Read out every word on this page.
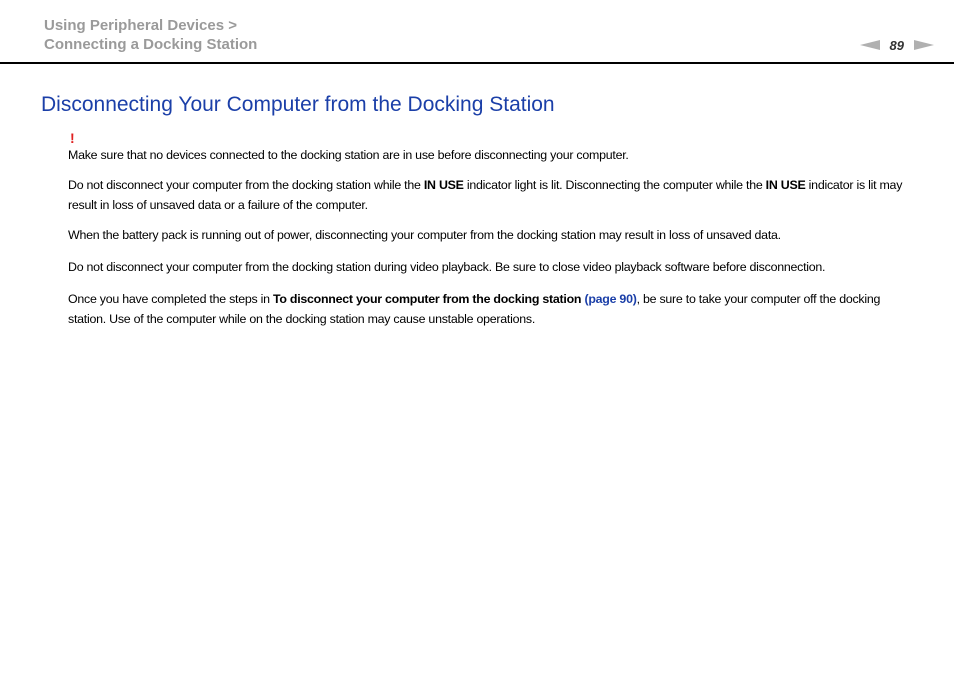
Using Peripheral Devices >
Connecting a Docking Station	89
Disconnecting Your Computer from the Docking Station
!

Make sure that no devices connected to the docking station are in use before disconnecting your computer.

Do not disconnect your computer from the docking station while the IN USE indicator light is lit. Disconnecting the computer while the IN USE indicator is lit may result in loss of unsaved data or a failure of the computer.

When the battery pack is running out of power, disconnecting your computer from the docking station may result in loss of unsaved data.

Do not disconnect your computer from the docking station during video playback. Be sure to close video playback software before disconnection.

Once you have completed the steps in To disconnect your computer from the docking station (page 90), be sure to take your computer off the docking station. Use of the computer while on the docking station may cause unstable operations.
